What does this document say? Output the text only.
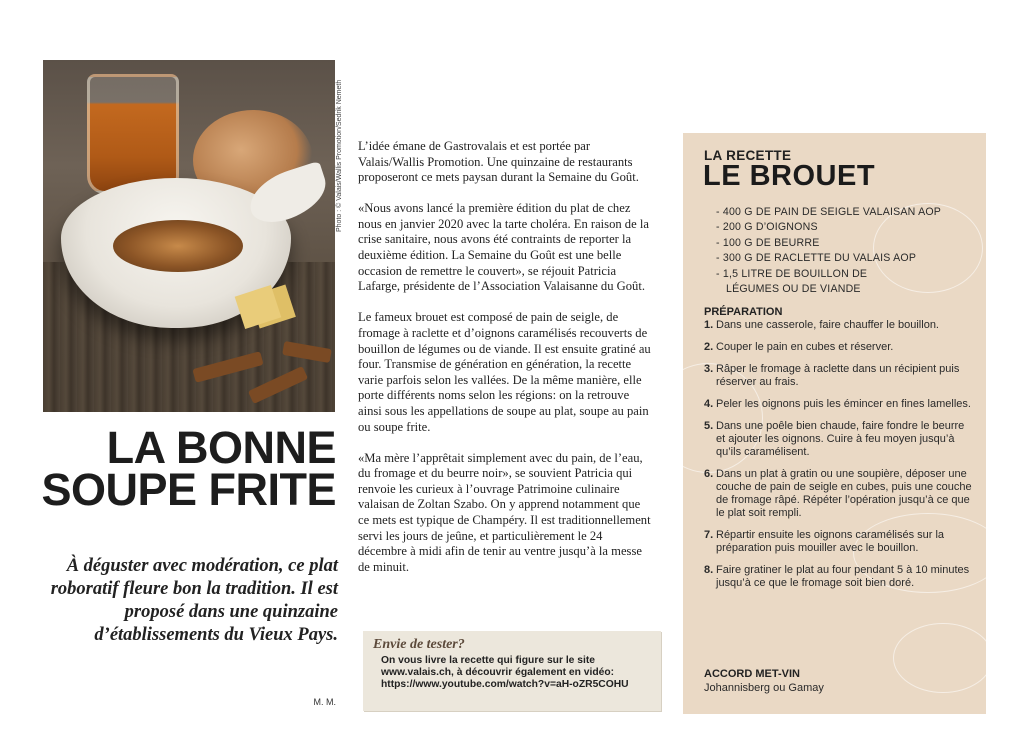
Photo : © Valais/Wallis Promotion/Sedrik Nemeth
LA BONNE
SOUPE FRITE
À déguster avec modération, ce plat roboratif fleure bon la tradition. Il est proposé dans une quinzaine d’établissements du Vieux Pays.
M. M.

L’idée émane de Gastrovalais et est portée par Valais/Wallis Promotion. Une quinzaine de restaurants proposeront ce mets paysan durant la Semaine du Goût.

«Nous avons lancé la première édition du plat de chez nous en janvier 2020 avec la tarte choléra. En raison de la crise sanitaire, nous avons été contraints de reporter la deuxième édition. La Semaine du Goût est une belle occasion de remettre le couvert», se réjouit Patricia Lafarge, présidente de l’Association Valaisanne du Goût.

Le fameux brouet est composé de pain de seigle, de fromage à raclette et d’oignons caramélisés recouverts de bouillon de légumes ou de viande. Il est ensuite gratiné au four. Transmise de génération en génération, la recette varie parfois selon les vallées. De la même manière, elle porte différents noms selon les régions: on la retrouve ainsi sous les appellations de soupe au plat, soupe au pain ou soupe frite.

«Ma mère l’apprêtait simplement avec du pain, de l’eau, du fromage et du beurre noir», se souvient Patricia qui renvoie les curieux à l’ouvrage Patrimoine culinaire valaisan de Zoltan Szabo. On y apprend notamment que ce mets est typique de Champéry. Il est traditionnellement servi les jours de jeûne, et particulièrement le 24 décembre à midi afin de tenir au ventre jusqu’à la messe de minuit.

Envie de tester?
On vous livre la recette qui figure sur le site www.valais.ch, à découvrir également en vidéo: https://www.youtube.com/watch?v=aH-oZR5COHU
LA RECETTE
LE BROUET
- 400 G DE PAIN DE SEIGLE VALAISAN AOP
- 200 G D’OIGNONS
- 100 G DE BEURRE
- 300 G DE RACLETTE DU VALAIS AOP
- 1,5 LITRE DE BOUILLON DE LÉGUMES OU DE VIANDE
PRÉPARATION
1. Dans une casserole, faire chauffer le bouillon.
2. Couper le pain en cubes et réserver.
3. Râper le fromage à raclette dans un récipient puis réserver au frais.
4. Peler les oignons puis les émincer en fines lamelles.
5. Dans une poêle bien chaude, faire fondre le beurre et ajouter les oignons. Cuire à feu moyen jusqu’à qu’ils caramélisent.
6. Dans un plat à gratin ou une soupière, déposer une couche de pain de seigle en cubes, puis une couche de fromage râpé. Répéter l’opération jusqu’à ce que le plat soit rempli.
7. Répartir ensuite les oignons caramélisés sur la préparation puis mouiller avec le bouillon.
8. Faire gratiner le plat au four pendant 5 à 10 minutes jusqu’à ce que le fromage soit bien doré.
ACCORD MET-VIN
Johannisberg ou Gamay
